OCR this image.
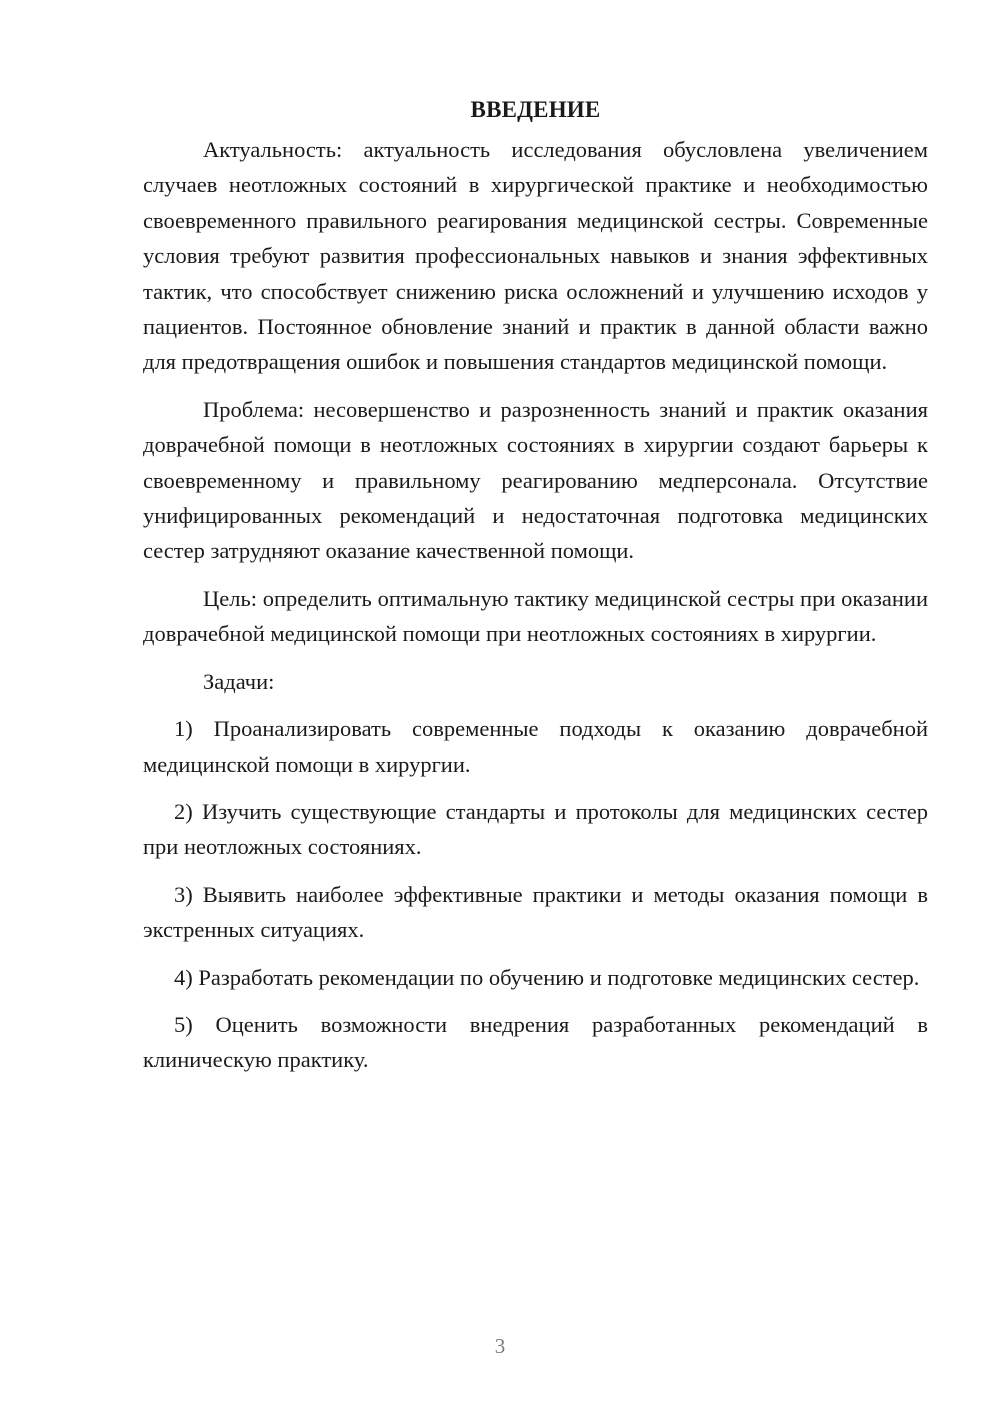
ВВЕДЕНИЕ

Актуальность: актуальность исследования обусловлена увеличением случаев неотложных состояний в хирургической практике и необходимостью своевременного правильного реагирования медицинской сестры. Современные условия требуют развития профессиональных навыков и знания эффективных тактик, что способствует снижению риска осложнений и улучшению исходов у пациентов. Постоянное обновление знаний и практик в данной области важно для предотвращения ошибок и повышения стандартов медицинской помощи.

Проблема: несовершенство и разрозненность знаний и практик оказания доврачебной помощи в неотложных состояниях в хирургии создают барьеры к своевременному и правильному реагированию медперсонала. Отсутствие унифицированных рекомендаций и недостаточная подготовка медицинских сестер затрудняют оказание качественной помощи.

Цель: определить оптимальную тактику медицинской сестры при оказании доврачебной медицинской помощи при неотложных состояниях в хирургии.

Задачи:

1) Проанализировать современные подходы к оказанию доврачебной медицинской помощи в хирургии.

2) Изучить существующие стандарты и протоколы для медицинских сестер при неотложных состояниях.

3) Выявить наиболее эффективные практики и методы оказания помощи в экстренных ситуациях.

4) Разработать рекомендации по обучению и подготовке медицинских сестер.

5) Оценить возможности внедрения разработанных рекомендаций в клиническую практику.

3
